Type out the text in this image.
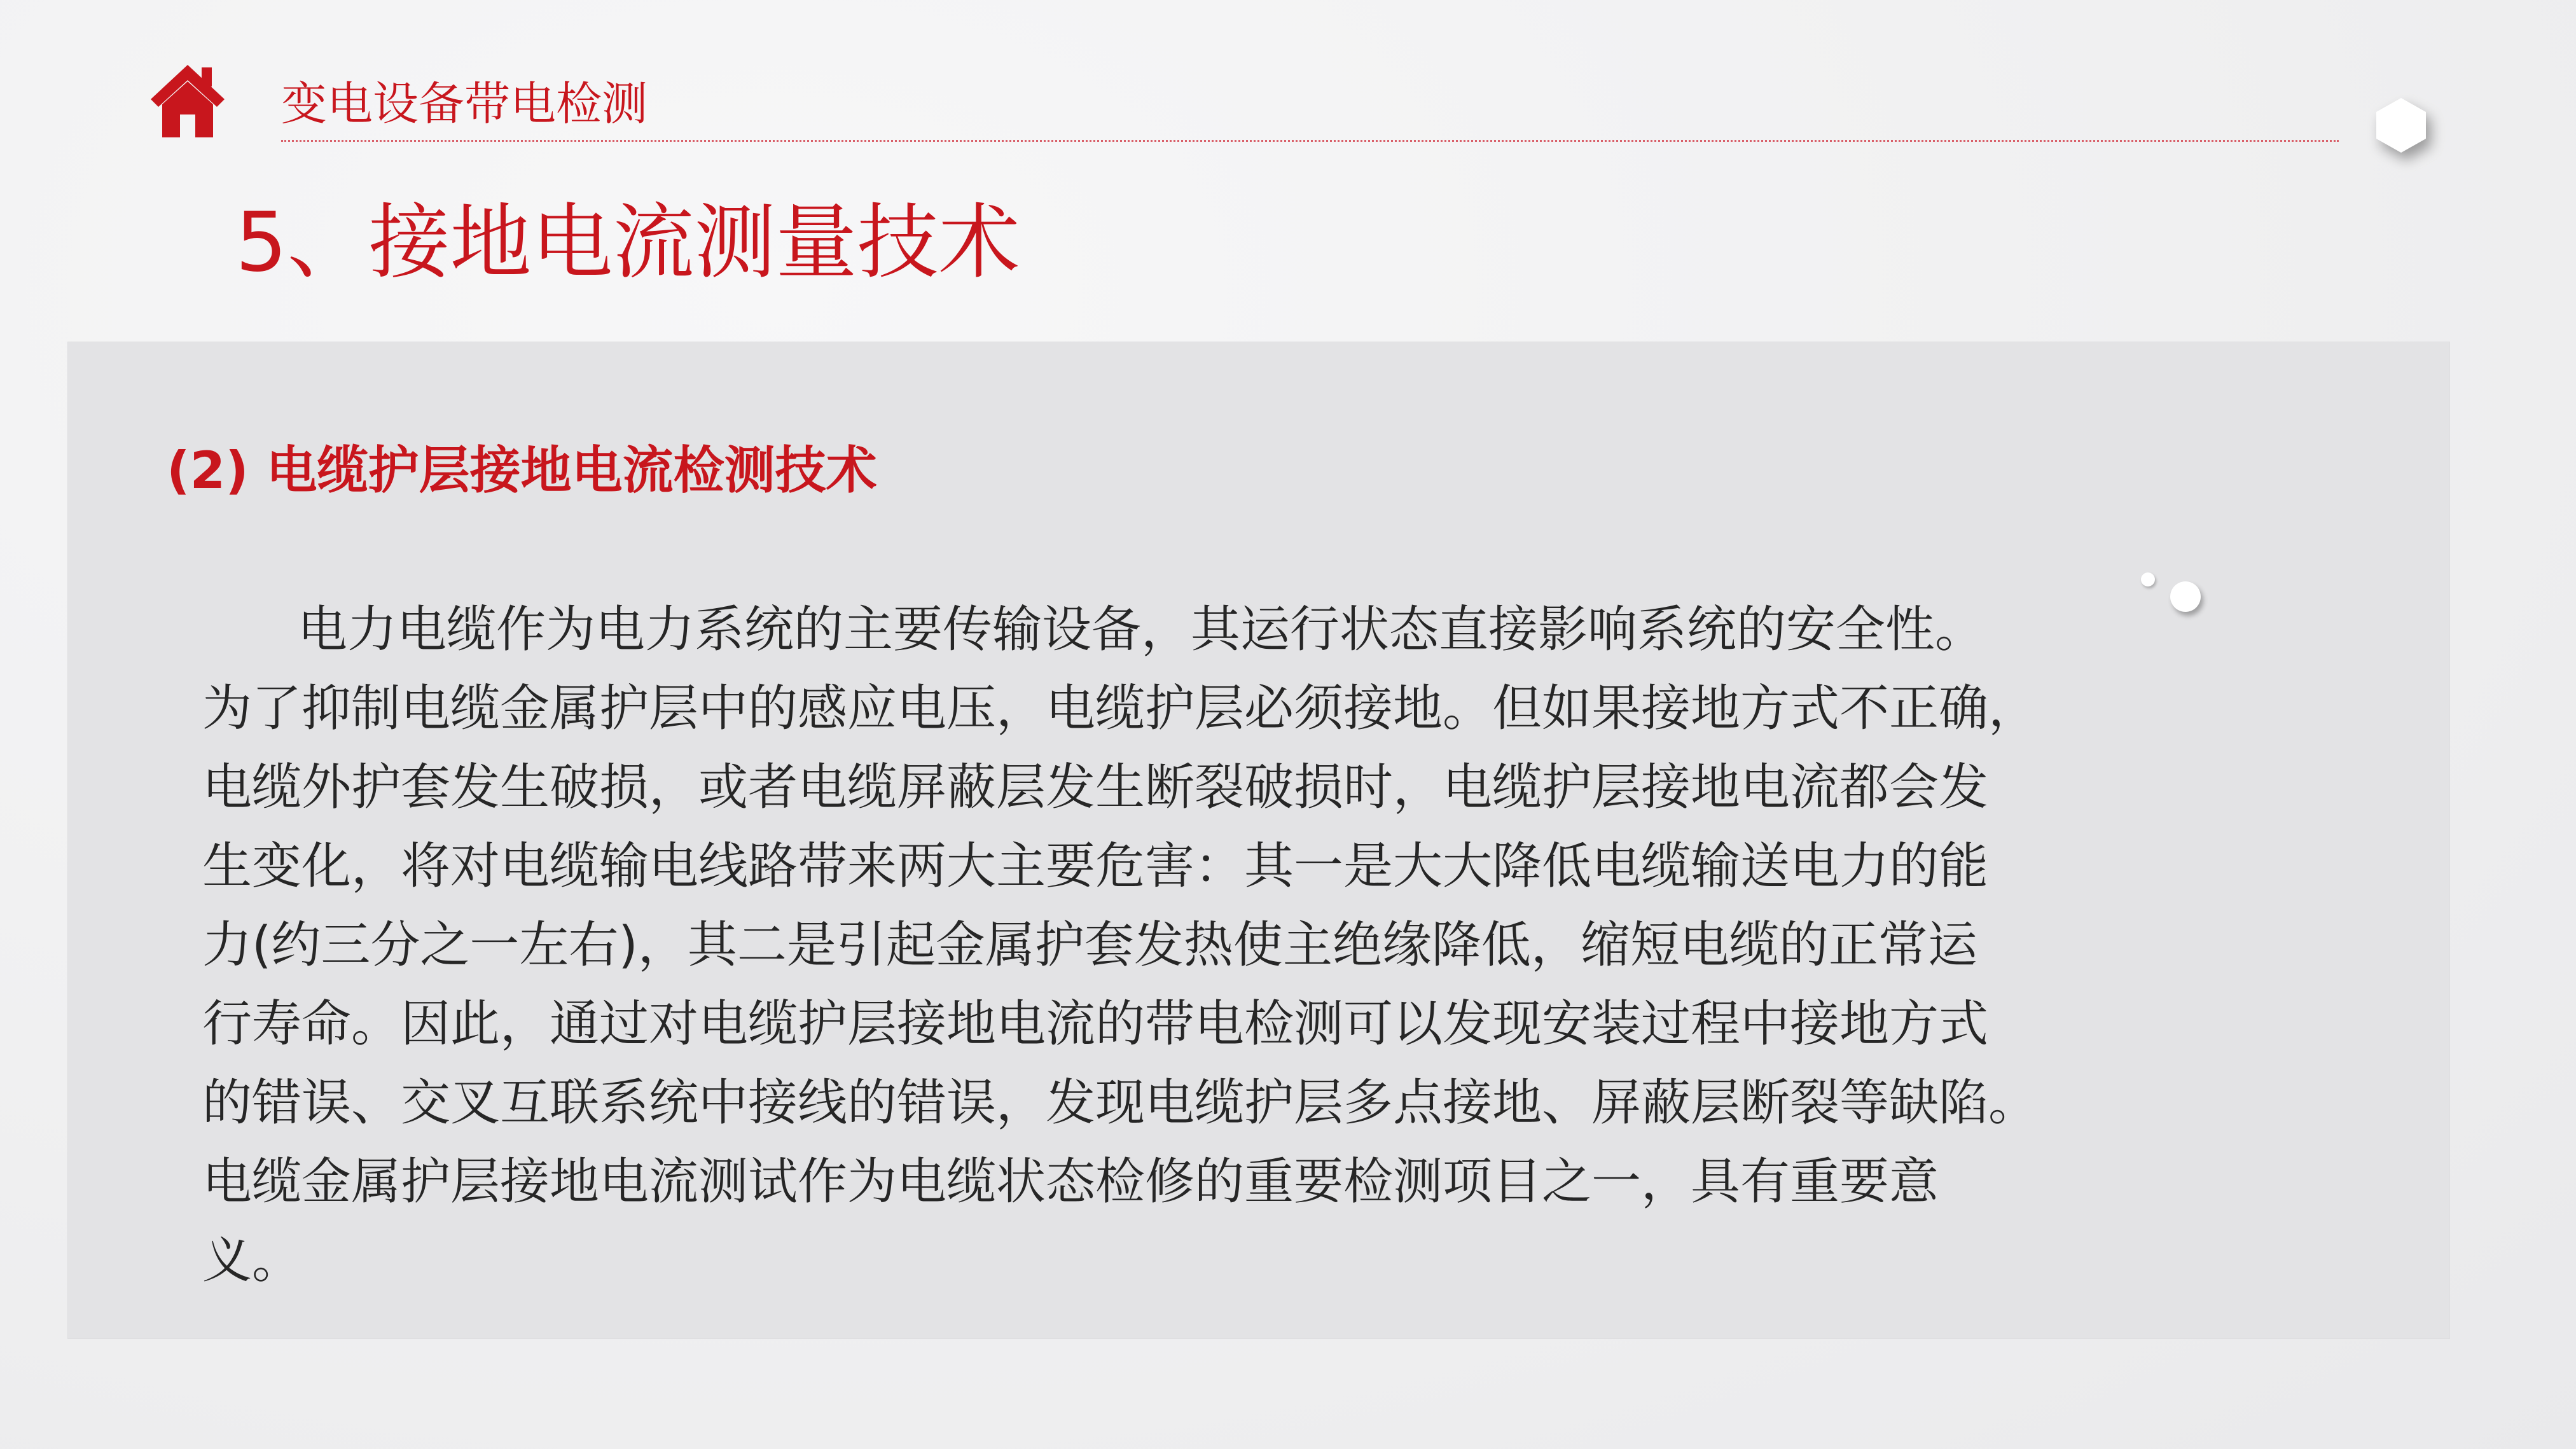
变电设备带电检测
5、接地电流测量技术
(2) 电缆护层接地电流检测技术
电力电缆作为电力系统的主要传输设备，其运行状态直接影响系统的安全性。
为了抑制电缆金属护层中的感应电压，电缆护层必须接地。但如果接地方式不正确，
电缆外护套发生破损，或者电缆屏蔽层发生断裂破损时，电缆护层接地电流都会发
生变化，将对电缆输电线路带来两大主要危害：其一是大大降低电缆输送电力的能
力(约三分之一左右)，其二是引起金属护套发热使主绝缘降低，缩短电缆的正常运
行寿命。因此，通过对电缆护层接地电流的带电检测可以发现安装过程中接地方式
的错误、交叉互联系统中接线的错误，发现电缆护层多点接地、屏蔽层断裂等缺陷。
电缆金属护层接地电流测试作为电缆状态检修的重要检测项目之一，具有重要意
义。
